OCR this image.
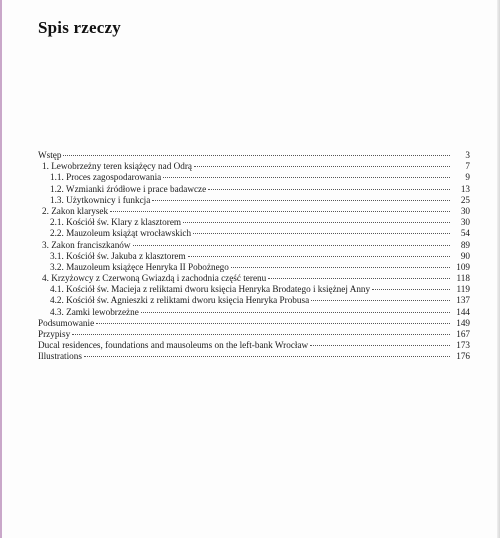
Spis rzeczy
Wstęp	3
1. Lewobrzeżny teren książęcy nad Odrą	7
1.1. Proces zagospodarowania	9
1.2. Wzmianki źródłowe i prace badawcze	13
1.3. Użytkownicy i funkcja	25
2. Zakon klarysek	30
2.1. Kościół św. Klary z klasztorem	30
2.2. Mauzoleum książąt wrocławskich	54
3. Zakon franciszkanów	89
3.1. Kościół św. Jakuba z klasztorem	90
3.2. Mauzoleum książęce Henryka II Pobożnego	109
4. Krzyżowcy z Czerwoną Gwiazdą i zachodnia część terenu	118
4.1. Kościół św. Macieja z reliktami dworu księcia Henryka Brodatego i księżnej Anny	119
4.2. Kościół św. Agnieszki z reliktami dworu księcia Henryka Probusa	137
4.3. Zamki lewobrzeżne	144
Podsumowanie	149
Przypisy	167
Ducal residences, foundations and mausoleums on the left-bank Wrocław	173
Illustrations	176
